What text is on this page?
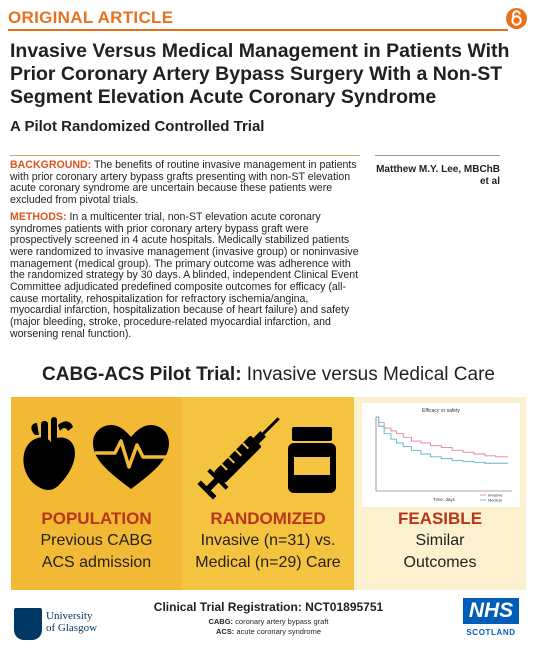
ORIGINAL ARTICLE
Invasive Versus Medical Management in Patients With Prior Coronary Artery Bypass Surgery With a Non-ST Segment Elevation Acute Coronary Syndrome
A Pilot Randomized Controlled Trial

BACKGROUND: The benefits of routine invasive management in patients with prior coronary artery bypass grafts presenting with non-ST elevation acute coronary syndrome are uncertain because these patients were excluded from pivotal trials.

METHODS: In a multicenter trial, non-ST elevation acute coronary syndromes patients with prior coronary artery bypass graft were prospectively screened in 4 acute hospitals. Medically stabilized patients were randomized to invasive management (invasive group) or noninvasive management (medical group). The primary outcome was adherence with the randomized strategy by 30 days. A blinded, independent Clinical Event Committee adjudicated predefined composite outcomes for efficacy (all-cause mortality, rehospitalization for refractory ischemia/angina, myocardial infarction, hospitalization because of heart failure) and safety (major bleeding, stroke, procedure-related myocardial infarction, and worsening renal function).

Matthew M.Y. Lee, MBChB et al
CABG-ACS Pilot Trial: Invasive versus Medical Care
POPULATION
Previous CABG
ACS admission
RANDOMIZED
Invasive (n=31) vs.
Medical (n=29) Care
Efficacy or safety
Time, days
Invasive
Medical
FEASIBLE
Similar
Outcomes
University
of Glasgow
Clinical Trial Registration: NCT01895751
CABG: coronary artery bypass graft
ACS: acute coronary syndrome
NHS
SCOTLAND
